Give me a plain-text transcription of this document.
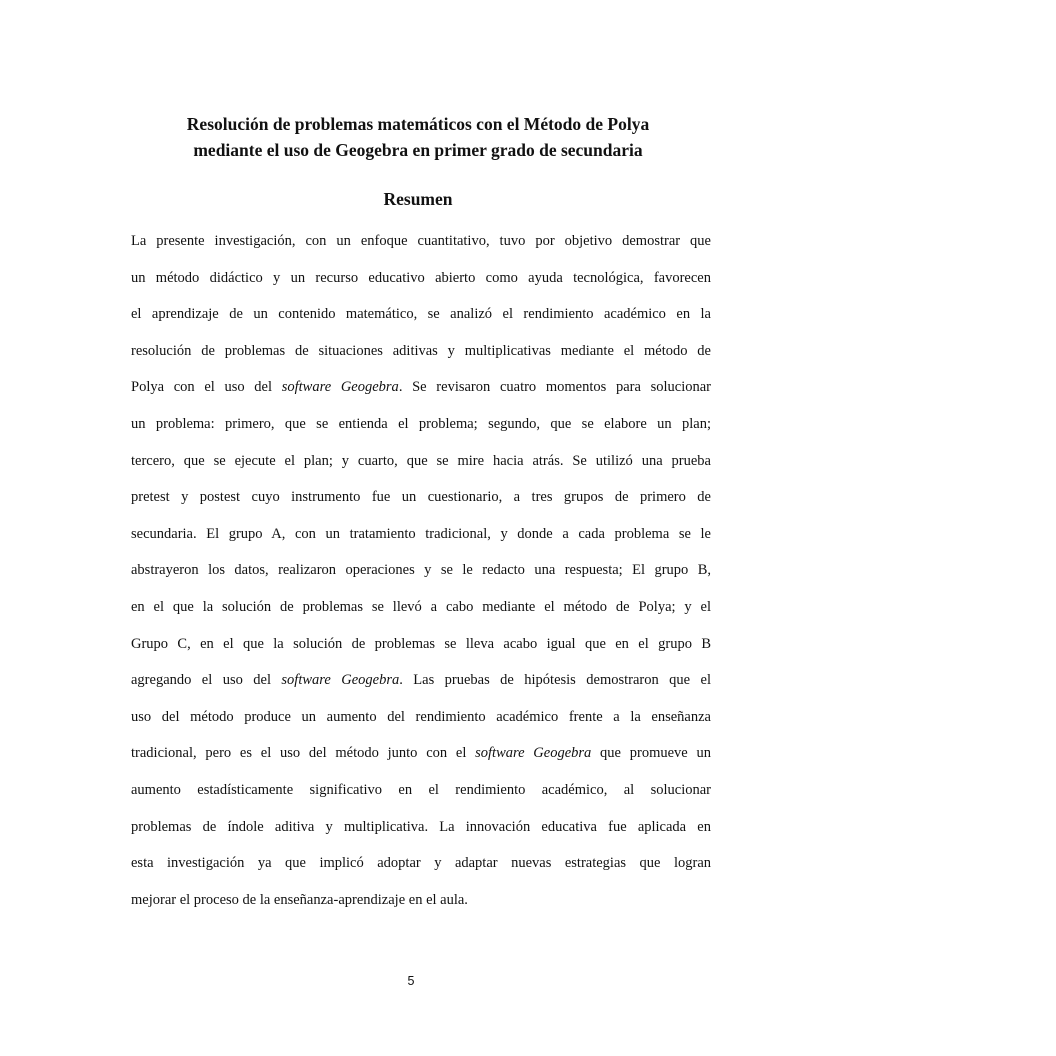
Resolución de problemas matemáticos con el Método de Polya
mediante el uso de Geogebra en primer grado de secundaria
Resumen
La presente investigación, con un enfoque cuantitativo, tuvo por objetivo demostrar que
un método didáctico y un recurso educativo abierto como ayuda tecnológica, favorecen
el aprendizaje de un contenido matemático, se analizó el rendimiento académico en la
resolución de problemas de situaciones aditivas y multiplicativas mediante el método de
Polya con el uso del software Geogebra. Se revisaron cuatro momentos para solucionar
un problema: primero, que se entienda el problema; segundo, que se elabore un plan;
tercero, que se ejecute el plan; y cuarto, que se mire hacia atrás. Se utilizó una prueba
pretest y postest cuyo instrumento fue un cuestionario, a tres grupos de primero de
secundaria. El grupo A, con un tratamiento tradicional, y donde a cada problema se le
abstrayeron los datos, realizaron operaciones y se le redacto una respuesta; El grupo B,
en el que la solución de problemas se llevó a cabo mediante el método de Polya; y el
Grupo C, en el que la solución de problemas se lleva acabo igual que en el grupo B
agregando el uso del software Geogebra. Las pruebas de hipótesis demostraron que el
uso del método produce un aumento del rendimiento académico frente a la enseñanza
tradicional, pero es el uso del método junto con el software Geogebra que promueve un
aumento estadísticamente significativo en el rendimiento académico, al solucionar
problemas de índole aditiva y multiplicativa. La innovación educativa fue aplicada en
esta investigación ya que implicó adoptar y adaptar nuevas estrategias que logran
mejorar el proceso de la enseñanza-aprendizaje en el aula.
5
